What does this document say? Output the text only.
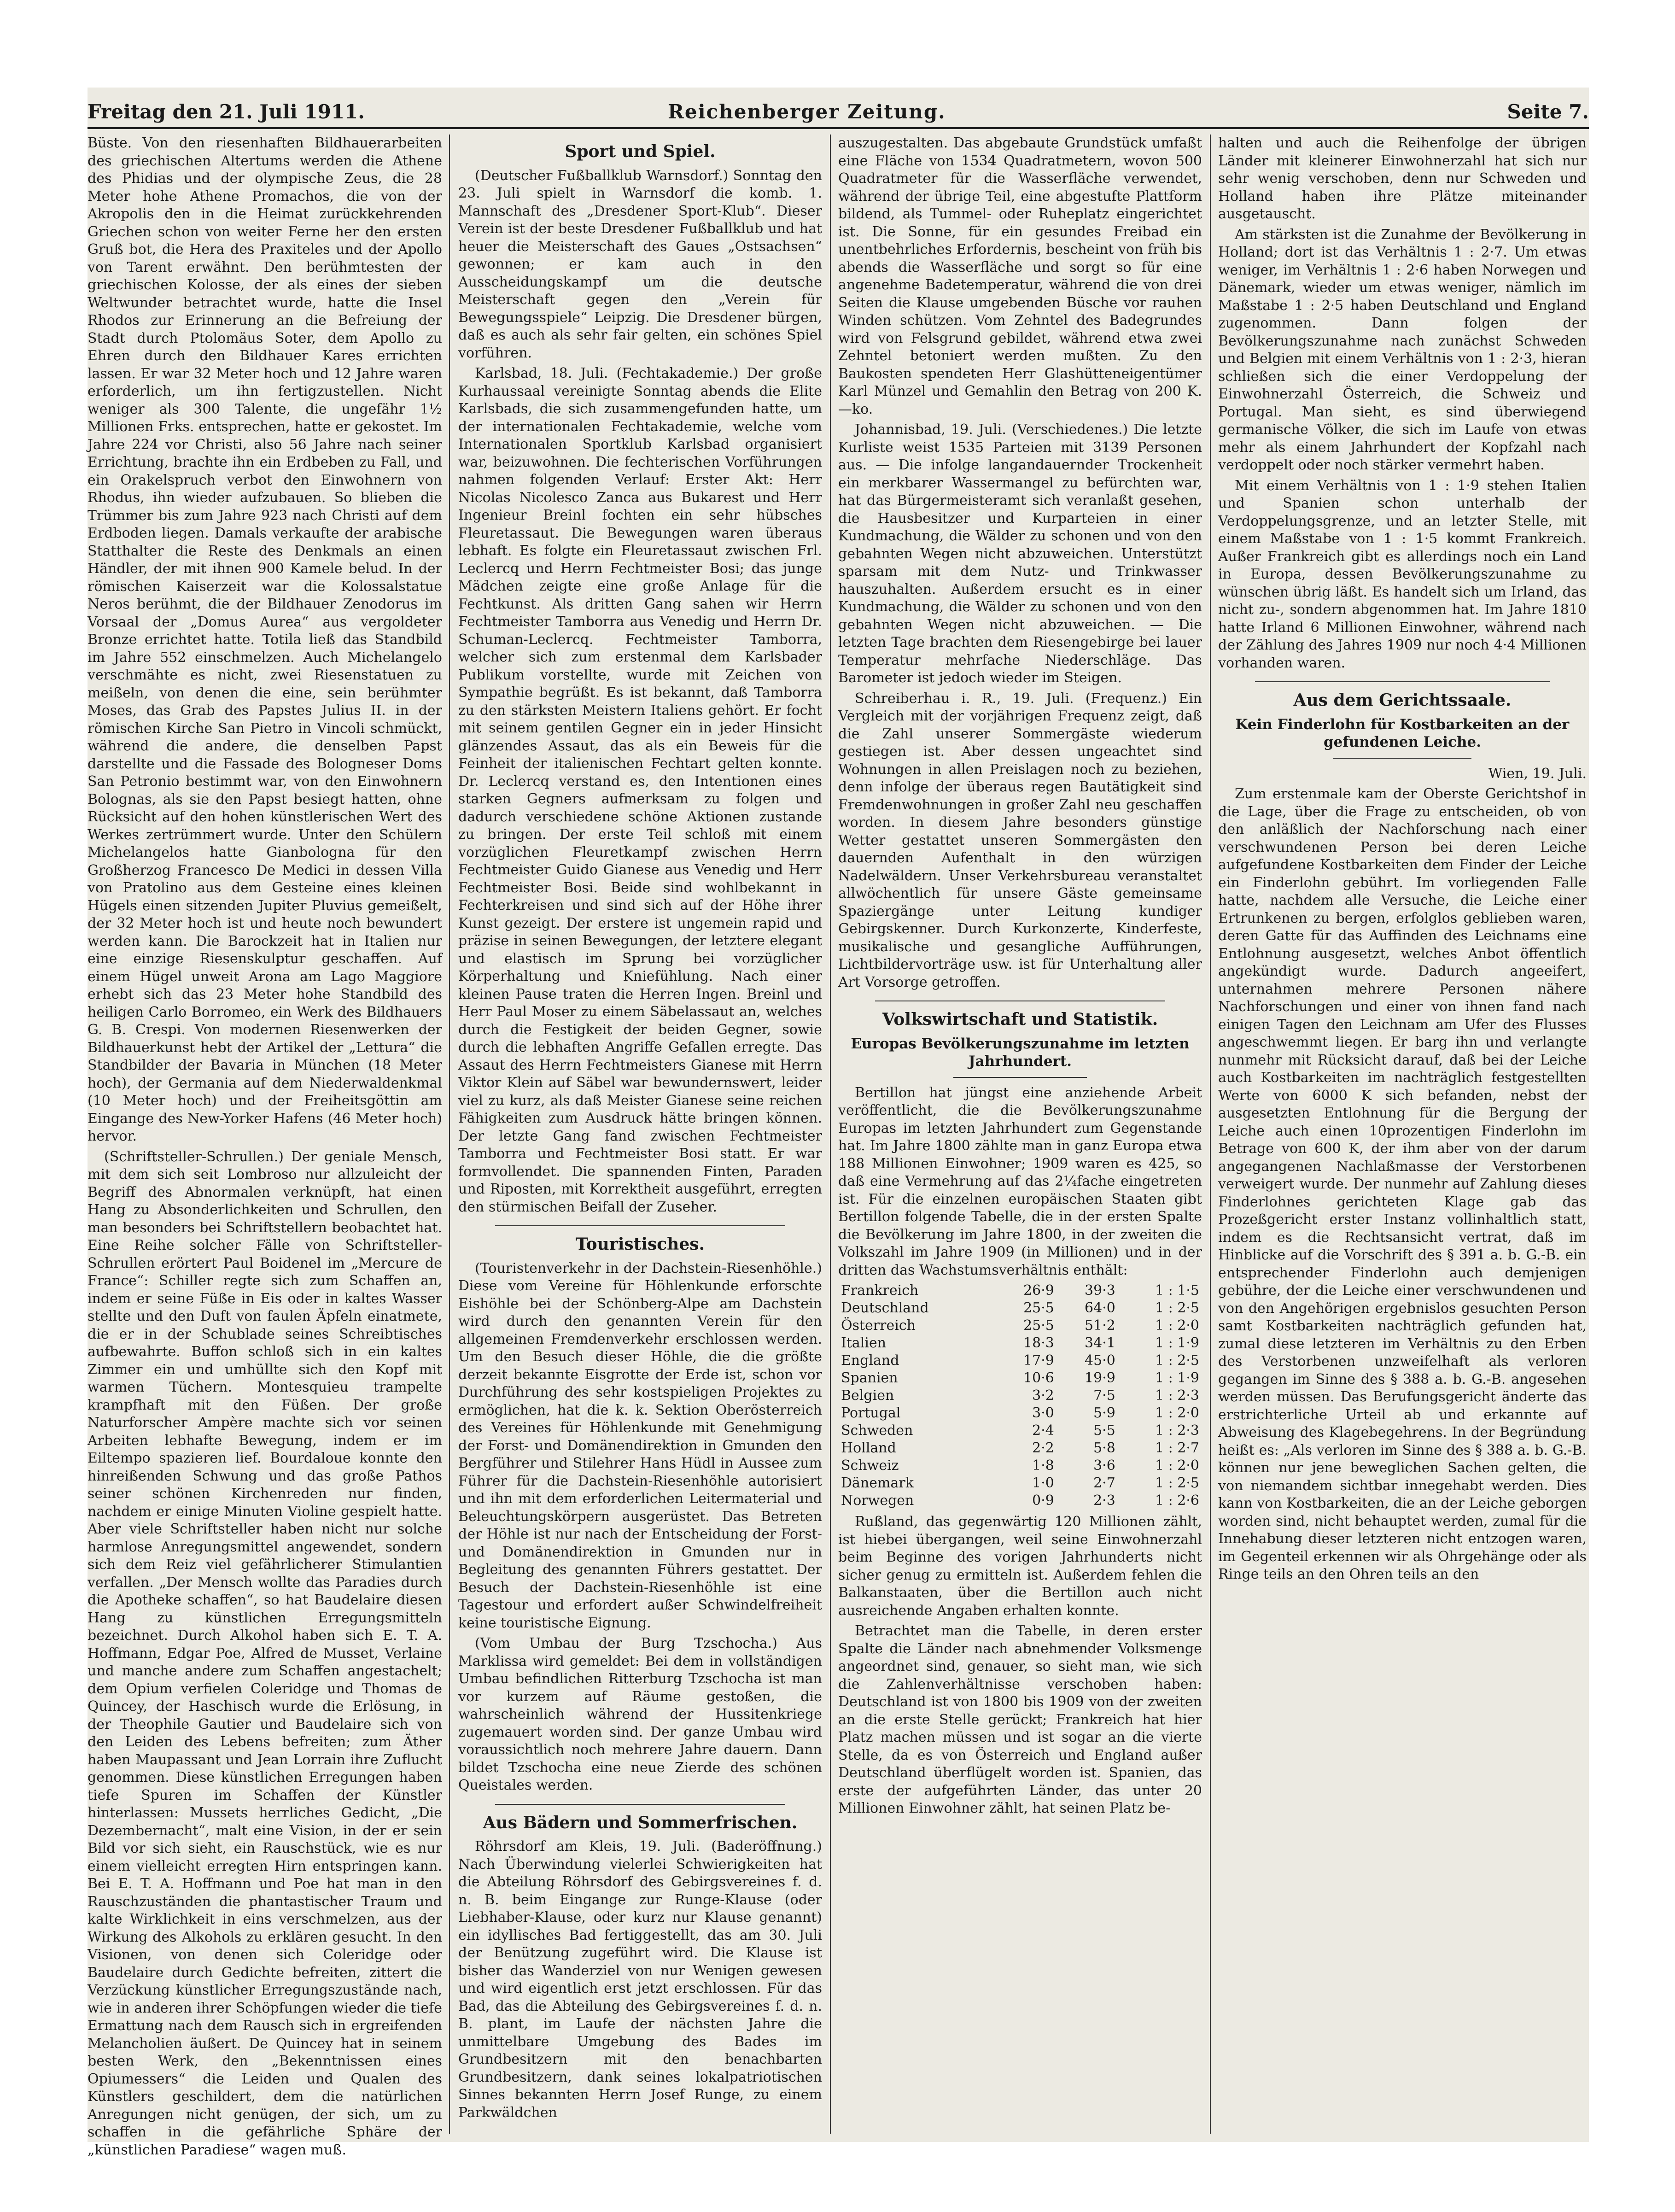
Freitag den 21. Juli 1911.	Reichenberger Zeitung.	Seite 7.

Büste. Von den riesenhaften Bildhauerarbeiten des griechischen Altertums werden die Athene des Phidias und der olympische Zeus, die 28 Meter hohe Athene Promachos, die von der Akropolis den in die Heimat zurückkehrenden Griechen schon von weiter Ferne her den ersten Gruß bot, die Hera des Praxiteles und der Apollo von Tarent erwähnt. Den berühmtesten der griechischen Kolosse, der als eines der sieben Weltwunder betrachtet wurde, hatte die Insel Rhodos zur Erinnerung an die Befreiung der Stadt durch Ptolomäus Soter, dem Apollo zu Ehren durch den Bildhauer Kares errichten lassen. Er war 32 Meter hoch und 12 Jahre waren erforderlich, um ihn fertigzustellen. Nicht weniger als 300 Talente, die ungefähr 1½ Millionen Frks. entsprechen, hatte er gekostet. Im Jahre 224 vor Christi, also 56 Jahre nach seiner Errichtung, brachte ihn ein Erdbeben zu Fall, und ein Orakelspruch verbot den Einwohnern von Rhodus, ihn wieder aufzubauen. So blieben die Trümmer bis zum Jahre 923 nach Christi auf dem Erdboden liegen. Damals verkaufte der arabische Statthalter die Reste des Denkmals an einen Händler, der mit ihnen 900 Kamele belud. In der römischen Kaiserzeit war die Kolossalstatue Neros berühmt, die der Bildhauer Zenodorus im Vorsaal der „Domus Aurea“ aus vergoldeter Bronze errichtet hatte. Totila ließ das Standbild im Jahre 552 einschmelzen. Auch Michelangelo verschmähte es nicht, zwei Riesenstatuen zu meißeln, von denen die eine, sein berühmter Moses, das Grab des Papstes Julius II. in der römischen Kirche San Pietro in Vincoli schmückt, während die andere, die denselben Papst darstellte und die Fassade des Bologneser Doms San Petronio bestimmt war, von den Einwohnern Bolognas, als sie den Papst besiegt hatten, ohne Rücksicht auf den hohen künstlerischen Wert des Werkes zertrümmert wurde. Unter den Schülern Michelangelos hatte Gianbologna für den Großherzog Francesco De Medici in dessen Villa von Pratolino aus dem Gesteine eines kleinen Hügels einen sitzenden Jupiter Pluvius gemeißelt, der 32 Meter hoch ist und heute noch bewundert werden kann. Die Barockzeit hat in Italien nur eine einzige Riesenskulptur geschaffen. Auf einem Hügel unweit Arona am Lago Maggiore erhebt sich das 23 Meter hohe Standbild des heiligen Carlo Borromeo, ein Werk des Bildhauers G. B. Crespi. Von modernen Riesenwerken der Bildhauerkunst hebt der Artikel der „Lettura“ die Standbilder der Bavaria in München (18 Meter hoch), der Germania auf dem Niederwaldenkmal (10 Meter hoch) und der Freiheitsgöttin am Eingange des New-Yorker Hafens (46 Meter hoch) hervor.

(Schriftsteller-Schrullen.) Der geniale Mensch, mit dem sich seit Lombroso nur allzuleicht der Begriff des Abnormalen verknüpft, hat einen Hang zu Absonderlichkeiten und Schrullen, den man besonders bei Schriftstellern beobachtet hat. Eine Reihe solcher Fälle von Schriftsteller-Schrullen erörtert Paul Boidenel im „Mercure de France“: Schiller regte sich zum Schaffen an, indem er seine Füße in Eis oder in kaltes Wasser stellte und den Duft von faulen Äpfeln einatmete, die er in der Schublade seines Schreibtisches aufbewahrte. Buffon schloß sich in ein kaltes Zimmer ein und umhüllte sich den Kopf mit warmen Tüchern. Montesquieu trampelte krampfhaft mit den Füßen. Der große Naturforscher Ampère machte sich vor seinen Arbeiten lebhafte Bewegung, indem er im Eiltempo spazieren lief. Bourdaloue konnte den hinreißenden Schwung und das große Pathos seiner schönen Kirchenreden nur finden, nachdem er einige Minuten Violine gespielt hatte. Aber viele Schriftsteller haben nicht nur solche harmlose Anregungsmittel angewendet, sondern sich dem Reiz viel gefährlicherer Stimulantien verfallen. „Der Mensch wollte das Paradies durch die Apotheke schaffen“, so hat Baudelaire diesen Hang zu künstlichen Erregungsmitteln bezeichnet. Durch Alkohol haben sich E. T. A. Hoffmann, Edgar Poe, Alfred de Musset, Verlaine und manche andere zum Schaffen angestachelt; dem Opium verfielen Coleridge und Thomas de Quincey, der Haschisch wurde die Erlösung, in der Theophile Gautier und Baudelaire sich von den Leiden des Lebens befreiten; zum Äther haben Maupassant und Jean Lorrain ihre Zuflucht genommen. Diese künstlichen Erregungen haben tiefe Spuren im Schaffen der Künstler hinterlassen: Mussets herrliches Gedicht, „Die Dezembernacht“, malt eine Vision, in der er sein Bild vor sich sieht, ein Rauschstück, wie es nur einem vielleicht erregten Hirn entspringen kann. Bei E. T. A. Hoffmann und Poe hat man in den Rauschzuständen die phantastischer Traum und kalte Wirklichkeit in eins verschmelzen, aus der Wirkung des Alkohols zu erklären gesucht. In den Visionen, von denen sich Coleridge oder Baudelaire durch Gedichte befreiten, zittert die Verzückung künstlicher Erregungszustände nach, wie in anderen ihrer Schöpfungen wieder die tiefe Ermattung nach dem Rausch sich in ergreifenden Melancholien äußert. De Quincey hat in seinem besten Werk, den „Bekenntnissen eines Opiumessers“ die Leiden und Qualen des Künstlers geschildert, dem die natürlichen Anregungen nicht genügen, der sich, um zu schaffen in die gefährliche Sphäre der „künstlichen Paradiese“ wagen muß.

Sport und Spiel.

(Deutscher Fußballklub Warnsdorf.) Sonntag den 23. Juli spielt in Warnsdorf die komb. 1. Mannschaft des „Dresdener Sport-Klub“. Dieser Verein ist der beste Dresdener Fußballklub und hat heuer die Meisterschaft des Gaues „Ostsachsen“ gewonnen; er kam auch in den Ausscheidungskampf um die deutsche Meisterschaft gegen den „Verein für Bewegungsspiele“ Leipzig. Die Dresdener bürgen, daß es auch als sehr fair gelten, ein schönes Spiel vorführen.

Karlsbad, 18. Juli. (Fechtakademie.) Der große Kurhaussaal vereinigte Sonntag abends die Elite Karlsbads, die sich zusammengefunden hatte, um der internationalen Fechtakademie, welche vom Internationalen Sportklub Karlsbad organisiert war, beizuwohnen. Die fechterischen Vorführungen nahmen folgenden Verlauf: Erster Akt: Herr Nicolas Nicolesco Zanca aus Bukarest und Herr Ingenieur Breinl fochten ein sehr hübsches Fleuretassaut. Die Bewegungen waren überaus lebhaft. Es folgte ein Fleuretassaut zwischen Frl. Leclercq und Herrn Fechtmeister Bosi; das junge Mädchen zeigte eine große Anlage für die Fechtkunst. Als dritten Gang sahen wir Herrn Fechtmeister Tamborra aus Venedig und Herrn Dr. Schuman-Leclercq. Fechtmeister Tamborra, welcher sich zum erstenmal dem Karlsbader Publikum vorstellte, wurde mit Zeichen von Sympathie begrüßt. Es ist bekannt, daß Tamborra zu den stärksten Meistern Italiens gehört. Er focht mit seinem gentilen Gegner ein in jeder Hinsicht glänzendes Assaut, das als ein Beweis für die Feinheit der italienischen Fechtart gelten konnte. Dr. Leclercq verstand es, den Intentionen eines starken Gegners aufmerksam zu folgen und dadurch verschiedene schöne Aktionen zustande zu bringen. Der erste Teil schloß mit einem vorzüglichen Fleuretkampf zwischen Herrn Fechtmeister Guido Gianese aus Venedig und Herr Fechtmeister Bosi. Beide sind wohlbekannt in Fechterkreisen und sind sich auf der Höhe ihrer Kunst gezeigt. Der erstere ist ungemein rapid und präzise in seinen Bewegungen, der letztere elegant und elastisch im Sprung bei vorzüglicher Körperhaltung und Kniefühlung. Nach einer kleinen Pause traten die Herren Ingen. Breinl und Herr Paul Moser zu einem Säbelassaut an, welches durch die Festigkeit der beiden Gegner, sowie durch die lebhaften Angriffe Gefallen erregte. Das Assaut des Herrn Fechtmeisters Gianese mit Herrn Viktor Klein auf Säbel war bewundernswert, leider viel zu kurz, als daß Meister Gianese seine reichen Fähigkeiten zum Ausdruck hätte bringen können. Der letzte Gang fand zwischen Fechtmeister Tamborra und Fechtmeister Bosi statt. Er war formvollendet. Die spannenden Finten, Paraden und Riposten, mit Korrektheit ausgeführt, erregten den stürmischen Beifall der Zuseher.

Touristisches.

(Touristenverkehr in der Dachstein-Riesenhöhle.) Diese vom Vereine für Höhlenkunde erforschte Eishöhle bei der Schönberg-Alpe am Dachstein wird durch den genannten Verein für den allgemeinen Fremdenverkehr erschlossen werden. Um den Besuch dieser Höhle, die die größte derzeit bekannte Eisgrotte der Erde ist, schon vor Durchführung des sehr kostspieligen Projektes zu ermöglichen, hat die k. k. Sektion Oberösterreich des Vereines für Höhlenkunde mit Genehmigung der Forst- und Domänendirektion in Gmunden den Bergführer und Stilehrer Hans Hüdl in Aussee zum Führer für die Dachstein-Riesenhöhle autorisiert und ihn mit dem erforderlichen Leitermaterial und Beleuchtungskörpern ausgerüstet. Das Betreten der Höhle ist nur nach der Entscheidung der Forst- und Domänendirektion in Gmunden nur in Begleitung des genannten Führers gestattet. Der Besuch der Dachstein-Riesenhöhle ist eine Tagestour und erfordert außer Schwindelfreiheit keine touristische Eignung.

(Vom Umbau der Burg Tzschocha.) Aus Marklissa wird gemeldet: Bei dem in vollständigen Umbau befindlichen Ritterburg Tzschocha ist man vor kurzem auf Räume gestoßen, die wahrscheinlich während der Hussitenkriege zugemauert worden sind. Der ganze Umbau wird voraussichtlich noch mehrere Jahre dauern. Dann bildet Tzschocha eine neue Zierde des schönen Queistales werden.

Aus Bädern und Sommerfrischen.

Röhrsdorf am Kleis, 19. Juli. (Baderöffnung.) Nach Überwindung vielerlei Schwierigkeiten hat die Abteilung Röhrsdorf des Gebirgsvereines f. d. n. B. beim Eingange zur Runge-Klause (oder Liebhaber-Klause, oder kurz nur Klause genannt) ein idyllisches Bad fertiggestellt, das am 30. Juli der Benützung zugeführt wird. Die Klause ist bisher das Wanderziel von nur Wenigen gewesen und wird eigentlich erst jetzt erschlossen. Für das Bad, das die Abteilung des Gebirgsvereines f. d. n. B. plant, im Laufe der nächsten Jahre die unmittelbare Umgebung des Bades im Grundbesitzern mit den benachbarten Grundbesitzern, dank seines lokalpatriotischen Sinnes bekannten Herrn Josef Runge, zu einem Parkwäldchen

auszugestalten. Das abgebaute Grundstück umfaßt eine Fläche von 1534 Quadratmetern, wovon 500 Quadratmeter für die Wasserfläche verwendet, während der übrige Teil, eine abgestufte Plattform bildend, als Tummel- oder Ruheplatz eingerichtet ist. Die Sonne, für ein gesundes Freibad ein unentbehrliches Erfordernis, bescheint von früh bis abends die Wasserfläche und sorgt so für eine angenehme Badetemperatur, während die von drei Seiten die Klause umgebenden Büsche vor rauhen Winden schützen. Vom Zehntel des Badegrundes wird von Felsgrund gebildet, während etwa zwei Zehntel betoniert werden mußten. Zu den Baukosten spendeten Herr Glashütteneigentümer Karl Münzel und Gemahlin den Betrag von 200 K. —ko.

Johannisbad, 19. Juli. (Verschiedenes.) Die letzte Kurliste weist 1535 Parteien mit 3139 Personen aus. — Die infolge langandauernder Trockenheit ein merkbarer Wassermangel zu befürchten war, hat das Bürgermeisteramt sich veranlaßt gesehen, die Hausbesitzer und Kurparteien in einer Kundmachung, die Wälder zu schonen und von den gebahnten Wegen nicht abzuweichen. Unterstützt sparsam mit dem Nutz- und Trinkwasser hauszuhalten. Außerdem ersucht es in einer Kundmachung, die Wälder zu schonen und von den gebahnten Wegen nicht abzuweichen. — Die letzten Tage brachten dem Riesengebirge bei lauer Temperatur mehrfache Niederschläge. Das Barometer ist jedoch wieder im Steigen.

Schreiberhau i. R., 19. Juli. (Frequenz.) Ein Vergleich mit der vorjährigen Frequenz zeigt, daß die Zahl unserer Sommergäste wiederum gestiegen ist. Aber dessen ungeachtet sind Wohnungen in allen Preislagen noch zu beziehen, denn infolge der überaus regen Bautätigkeit sind Fremdenwohnungen in großer Zahl neu geschaffen worden. In diesem Jahre besonders günstige Wetter gestattet unseren Sommergästen den dauernden Aufenthalt in den würzigen Nadelwäldern. Unser Verkehrsbureau veranstaltet allwöchentlich für unsere Gäste gemeinsame Spaziergänge unter Leitung kundiger Gebirgskenner. Durch Kurkonzerte, Kinderfeste, musikalische und gesangliche Aufführungen, Lichtbildervorträge usw. ist für Unterhaltung aller Art Vorsorge getroffen.

Volkswirtschaft und Statistik.
Europas Bevölkerungszunahme im letzten Jahrhundert.

Bertillon hat jüngst eine anziehende Arbeit veröffentlicht, die die Bevölkerungszunahme Europas im letzten Jahrhundert zum Gegenstande hat. Im Jahre 1800 zählte man in ganz Europa etwa 188 Millionen Einwohner; 1909 waren es 425, so daß eine Vermehrung auf das 2¼fache eingetreten ist. Für die einzelnen europäischen Staaten gibt Bertillon folgende Tabelle, die in der ersten Spalte die Bevölkerung im Jahre 1800, in der zweiten die Volkszahl im Jahre 1909 (in Millionen) und in der dritten das Wachstumsverhältnis enthält:

Frankreich	26·9	39·3	1 : 1·5
Deutschland	25·5	64·0	1 : 2·5
Österreich	25·5	51·2	1 : 2·0
Italien	18·3	34·1	1 : 1·9
England	17·9	45·0	1 : 2·5
Spanien	10·6	19·9	1 : 1·9
Belgien	3·2	7·5	1 : 2·3
Portugal	3·0	5·9	1 : 2·0
Schweden	2·4	5·5	1 : 2·3
Holland	2·2	5·8	1 : 2·7
Schweiz	1·8	3·6	1 : 2·0
Dänemark	1·0	2·7	1 : 2·5
Norwegen	0·9	2·3	1 : 2·6

Rußland, das gegenwärtig 120 Millionen zählt, ist hiebei übergangen, weil seine Einwohnerzahl beim Beginne des vorigen Jahrhunderts nicht sicher genug zu ermitteln ist. Außerdem fehlen die Balkanstaaten, über die Bertillon auch nicht ausreichende Angaben erhalten konnte.

Betrachtet man die Tabelle, in deren erster Spalte die Länder nach abnehmender Volksmenge angeordnet sind, genauer, so sieht man, wie sich die Zahlenverhältnisse verschoben haben: Deutschland ist von 1800 bis 1909 von der zweiten an die erste Stelle gerückt; Frankreich hat hier Platz machen müssen und ist sogar an die vierte Stelle, da es von Österreich und England außer Deutschland überflügelt worden ist. Spanien, das erste der aufgeführten Länder, das unter 20 Millionen Einwohner zählt, hat seinen Platz be-

halten und auch die Reihenfolge der übrigen Länder mit kleinerer Einwohnerzahl hat sich nur sehr wenig verschoben, denn nur Schweden und Holland haben ihre Plätze miteinander ausgetauscht.

Am stärksten ist die Zunahme der Bevölkerung in Holland; dort ist das Verhältnis 1 : 2·7. Um etwas weniger, im Verhältnis 1 : 2·6 haben Norwegen und Dänemark, wieder um etwas weniger, nämlich im Maßstabe 1 : 2·5 haben Deutschland und England zugenommen. Dann folgen der Bevölkerungszunahme nach zunächst Schweden und Belgien mit einem Verhältnis von 1 : 2·3, hieran schließen sich die einer Verdoppelung der Einwohnerzahl Österreich, die Schweiz und Portugal. Man sieht, es sind überwiegend germanische Völker, die sich im Laufe von etwas mehr als einem Jahrhundert der Kopfzahl nach verdoppelt oder noch stärker vermehrt haben.

Mit einem Verhältnis von 1 : 1·9 stehen Italien und Spanien schon unterhalb der Verdoppelungsgrenze, und an letzter Stelle, mit einem Maßstabe von 1 : 1·5 kommt Frankreich. Außer Frankreich gibt es allerdings noch ein Land in Europa, dessen Bevölkerungszunahme zu wünschen übrig läßt. Es handelt sich um Irland, das nicht zu-, sondern abgenommen hat. Im Jahre 1810 hatte Irland 6 Millionen Einwohner, während nach der Zählung des Jahres 1909 nur noch 4·4 Millionen vorhanden waren.

Aus dem Gerichtssaale.
Kein Finderlohn für Kostbarkeiten an der gefundenen Leiche.

Wien, 19. Juli.

Zum erstenmale kam der Oberste Gerichtshof in die Lage, über die Frage zu entscheiden, ob von den anläßlich der Nachforschung nach einer verschwundenen Person bei deren Leiche aufgefundene Kostbarkeiten dem Finder der Leiche ein Finderlohn gebührt. Im vorliegenden Falle hatte, nachdem alle Versuche, die Leiche einer Ertrunkenen zu bergen, erfolglos geblieben waren, deren Gatte für das Auffinden des Leichnams eine Entlohnung ausgesetzt, welches Anbot öffentlich angekündigt wurde. Dadurch angeeifert, unternahmen mehrere Personen nähere Nachforschungen und einer von ihnen fand nach einigen Tagen den Leichnam am Ufer des Flusses angeschwemmt liegen. Er barg ihn und verlangte nunmehr mit Rücksicht darauf, daß bei der Leiche auch Kostbarkeiten im nachträglich festgestellten Werte von 6000 K sich befanden, nebst der ausgesetzten Entlohnung für die Bergung der Leiche auch einen 10prozentigen Finderlohn im Betrage von 600 K, der ihm aber von der darum angegangenen Nachlaßmasse der Verstorbenen verweigert wurde. Der nunmehr auf Zahlung dieses Finderlohnes gerichteten Klage gab das Prozeßgericht erster Instanz vollinhaltlich statt, indem es die Rechtsansicht vertrat, daß im Hinblicke auf die Vorschrift des § 391 a. b. G.-B. ein entsprechender Finderlohn auch demjenigen gebühre, der die Leiche einer verschwundenen und von den Angehörigen ergebnislos gesuchten Person samt Kostbarkeiten nachträglich gefunden hat, zumal diese letzteren im Verhältnis zu den Erben des Verstorbenen unzweifelhaft als verloren gegangen im Sinne des § 388 a. b. G.-B. angesehen werden müssen. Das Berufungsgericht änderte das erstrichterliche Urteil ab und erkannte auf Abweisung des Klagebegehrens. In der Begründung heißt es: „Als verloren im Sinne des § 388 a. b. G.-B. können nur jene beweglichen Sachen gelten, die von niemandem sichtbar innegehabt werden. Dies kann von Kostbarkeiten, die an der Leiche geborgen worden sind, nicht behauptet werden, zumal für die Innehabung dieser letzteren nicht entzogen waren, im Gegenteil erkennen wir als Ohrgehänge oder als Ringe teils an den Ohren teils an den
